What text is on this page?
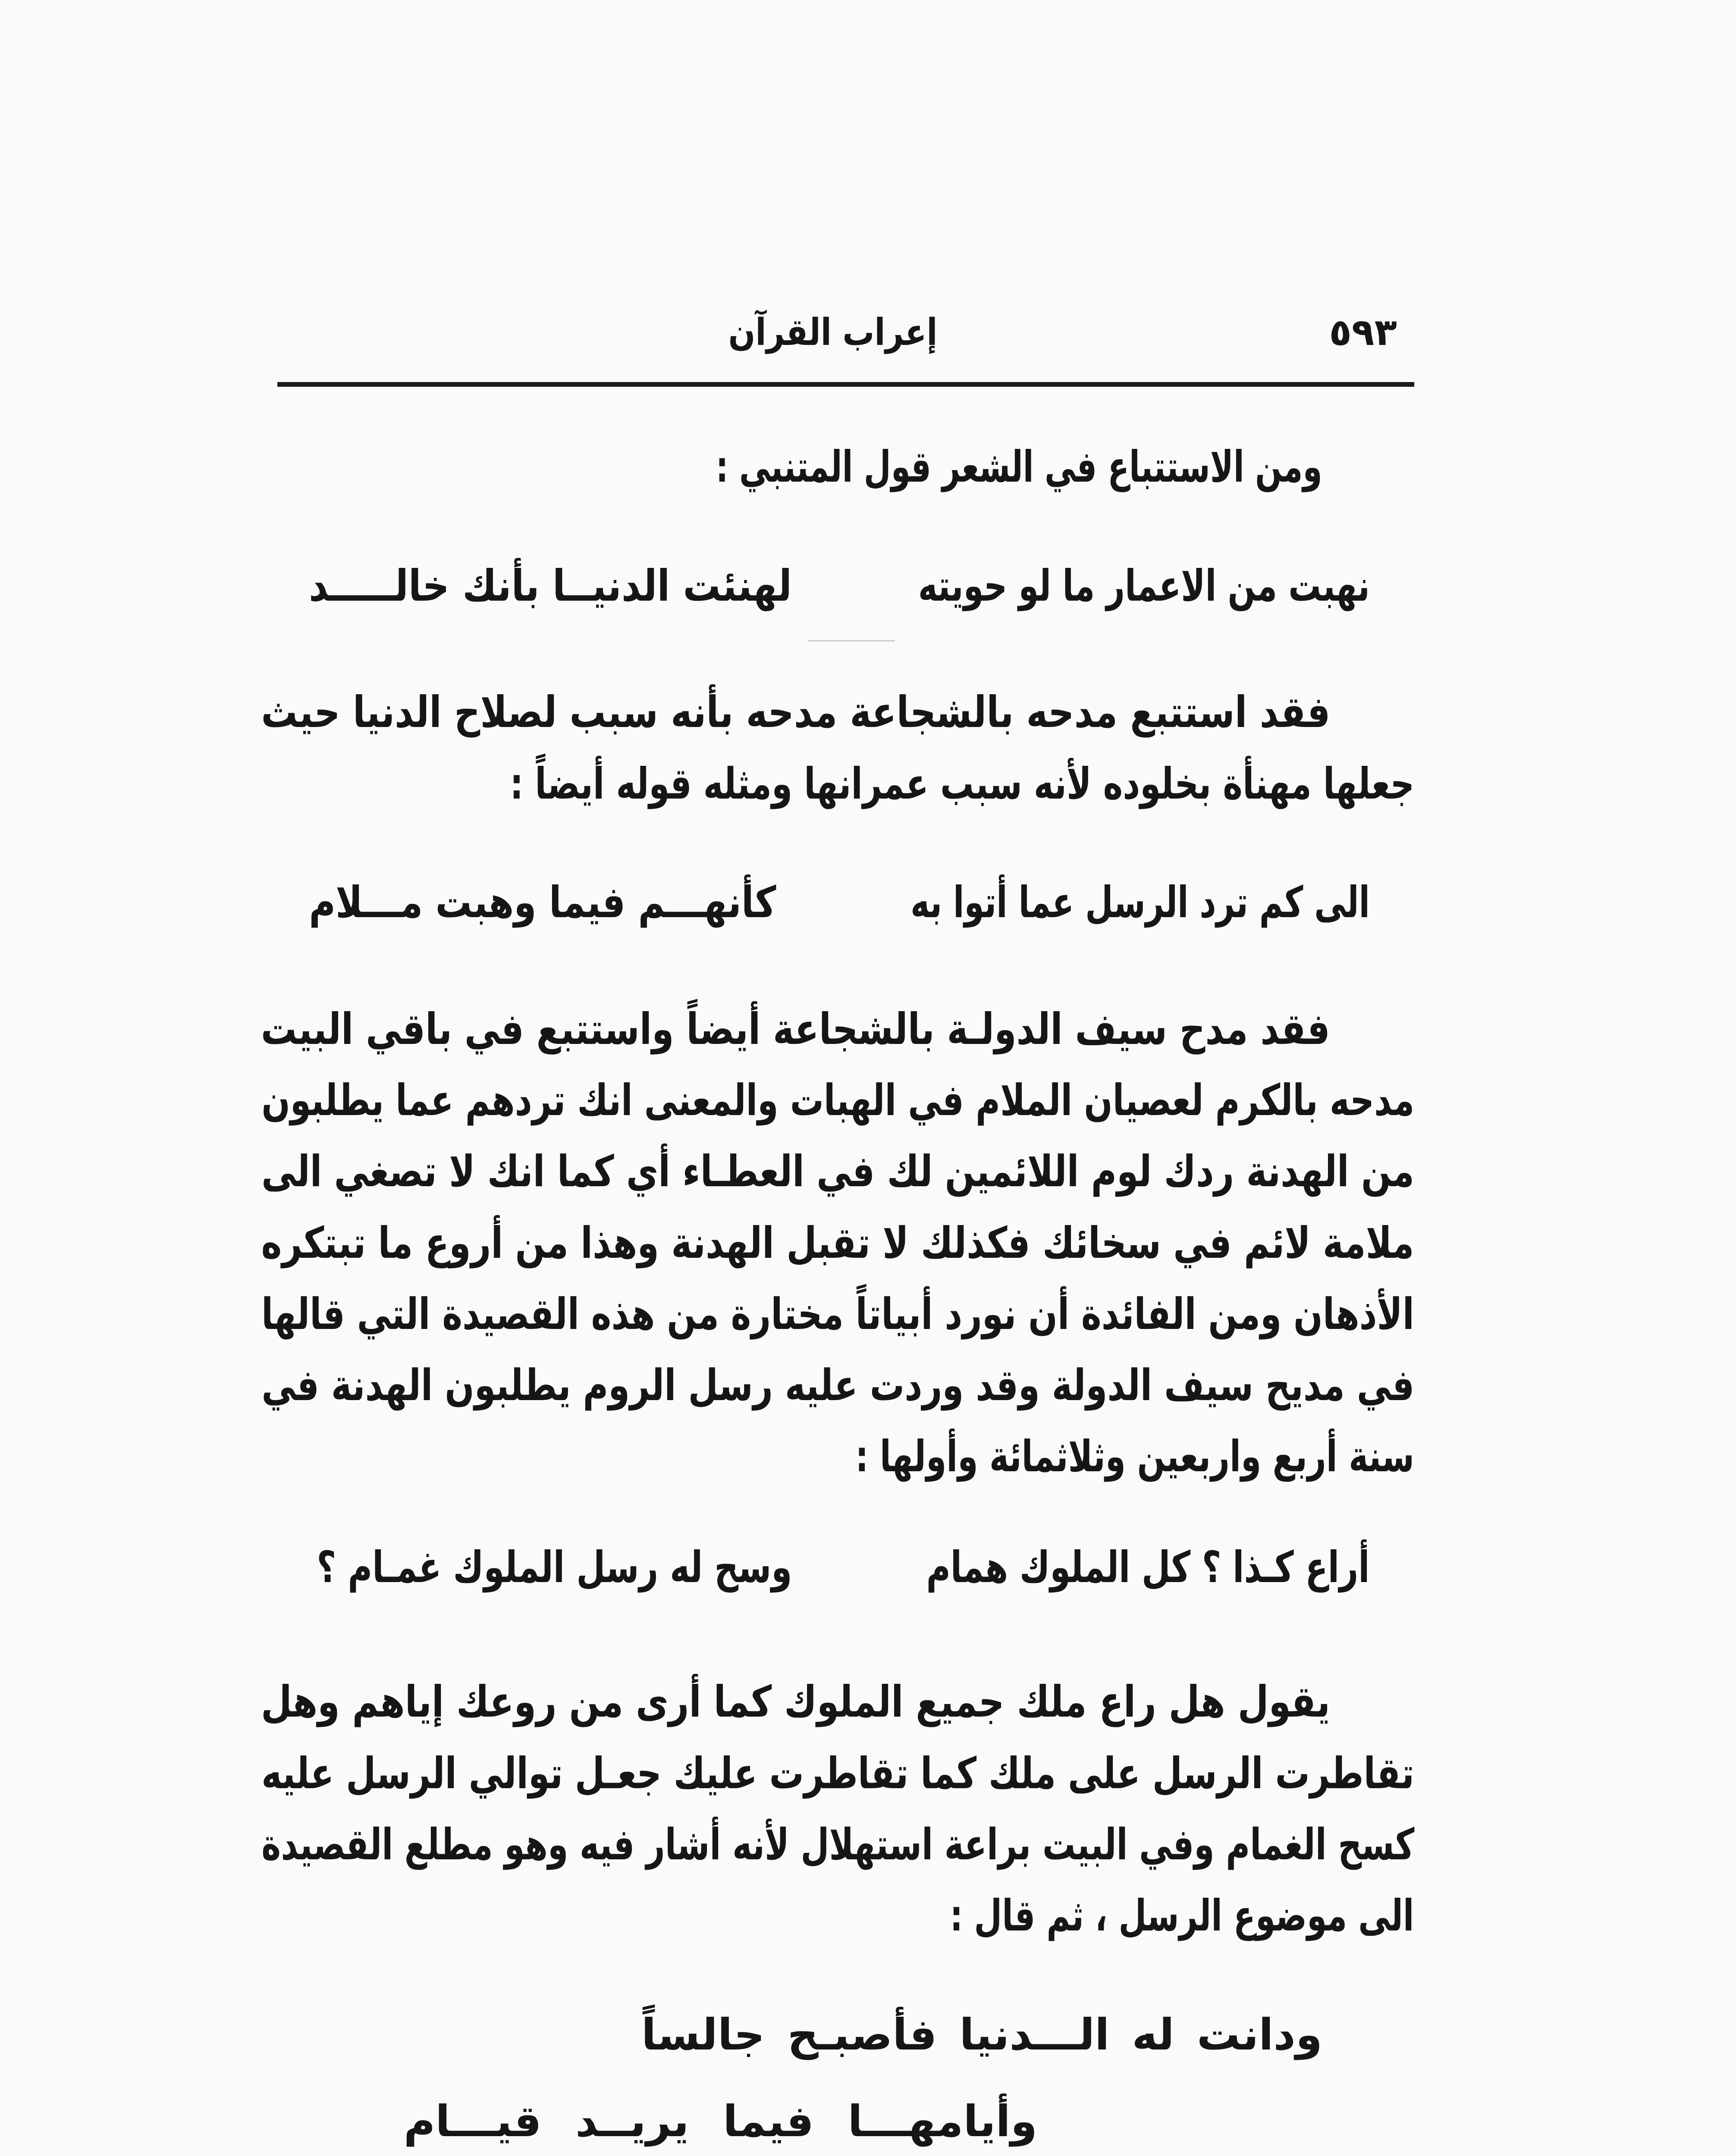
إعراب القرآن	٥٩٣
ومن الاستتباع في الشعر قول المتنبي :
نهبت من الاعمار ما لو حويته
لهنئت الدنيــا بأنك خالـــــد
فقد استتبع مدحه بالشجاعة مدحه بأنه سبب لصلاح الدنيا حيث
جعلها مهنأة بخلوده لأنه سبب عمرانها ومثله قوله أيضاً :
الى كم ترد الرسل عما أتوا به
كأنهـــم فيما وهبت مـــلام
فقد مدح سيف الدولـة بالشجاعة أيضاً واستتبع في باقي البيت
مدحه بالكرم لعصيان الملام في الهبات والمعنى انك تردهم عما يطلبون
من الهدنة ردك لوم اللائمين لك في العطـاء أي كما انك لا تصغي الى
ملامة لائم في سخائك فكذلك لا تقبل الهدنة وهذا من أروع ما تبتكره
الأذهان ومن الفائدة أن نورد أبياتاً مختارة من هذه القصيدة التي قالها
في مديح سيف الدولة وقد وردت عليه رسل الروم يطلبون الهدنة في
سنة أربع واربعين وثلاثمائة وأولها :
أراع كـذا ؟ كل الملوك همام
وسح له رسل الملوك غمـام ؟
يقول هل راع ملك جميع الملوك كما أرى من روعك إياهم وهل
تقاطرت الرسل على ملك كما تقاطرت عليك جعـل توالي الرسل عليه
كسح الغمام وفي البيت براعة استهلال لأنه أشار فيه وهو مطلع القصيدة
الى موضوع الرسل ، ثم قال :
ودانت له الـــدنيا فأصبـح جالساً
وأيامهـــا فيما يريــد قيـــام
